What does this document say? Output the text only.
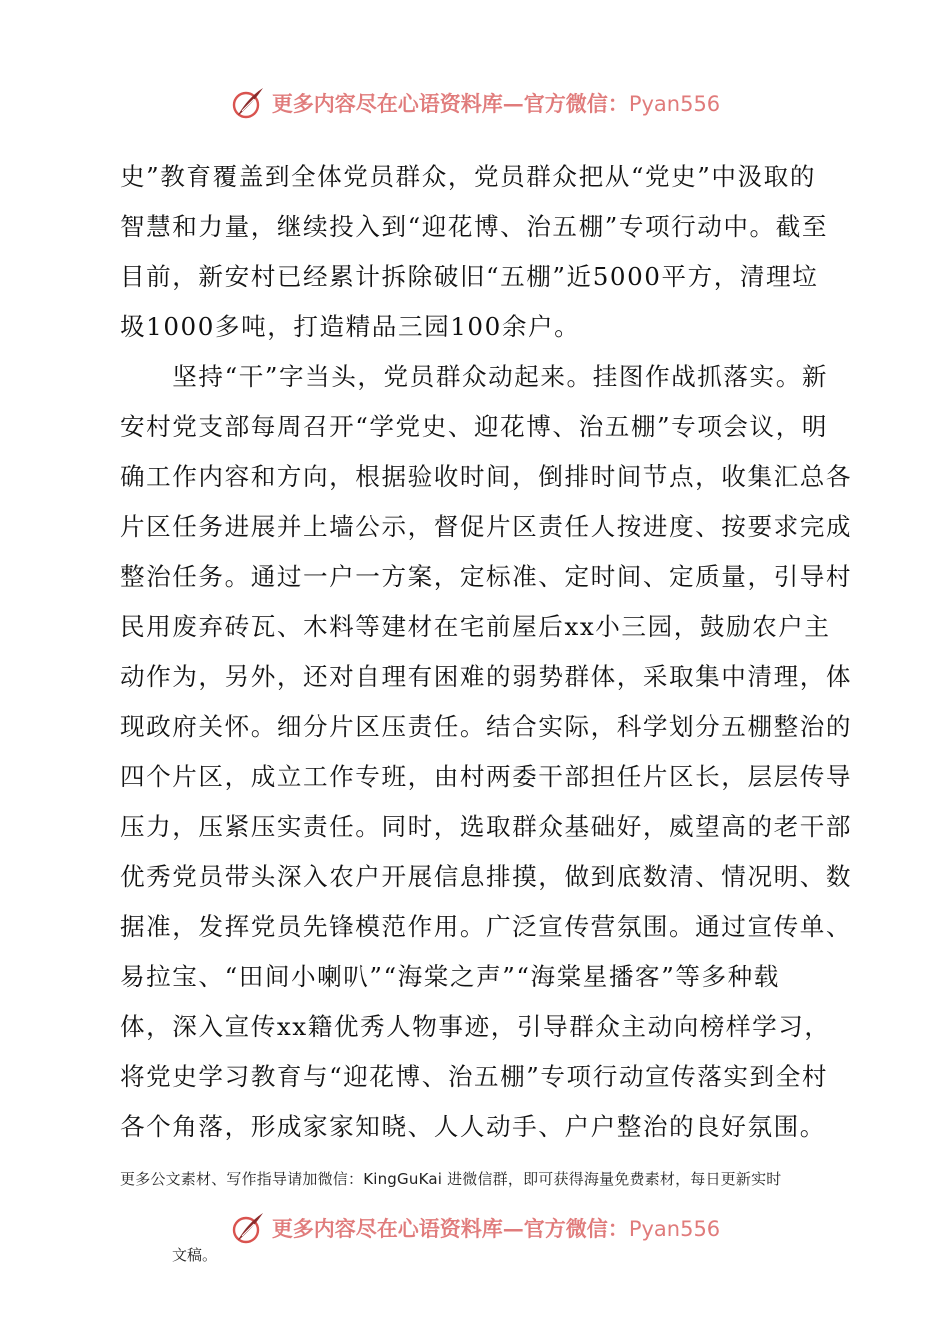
更多内容尽在心语资料库—官方微信：Pyan556

史”教育覆盖到全体党员群众，党员群众把从“党史”中汲取的
智慧和力量，继续投入到“迎花博、治五棚”专项行动中。截至
目前，新安村已经累计拆除破旧“五棚”近5000平方，清理垃
圾1000多吨，打造精品三园100余户。
　　坚持“干”字当头，党员群众动起来。挂图作战抓落实。新
安村党支部每周召开“学党史、迎花博、治五棚”专项会议，明
确工作内容和方向，根据验收时间，倒排时间节点，收集汇总各
片区任务进展并上墙公示，督促片区责任人按进度、按要求完成
整治任务。通过一户一方案，定标准、定时间、定质量，引导村
民用废弃砖瓦、木料等建材在宅前屋后xx小三园，鼓励农户主
动作为，另外，还对自理有困难的弱势群体，采取集中清理，体
现政府关怀。细分片区压责任。结合实际，科学划分五棚整治的
四个片区，成立工作专班，由村两委干部担任片区长，层层传导
压力，压紧压实责任。同时，选取群众基础好，威望高的老干部
优秀党员带头深入农户开展信息排摸，做到底数清、情况明、数
据准，发挥党员先锋模范作用。广泛宣传营氛围。通过宣传单、
易拉宝、“田间小喇叭”“海棠之声”“海棠星播客”等多种载
体，深入宣传xx籍优秀人物事迹，引导群众主动向榜样学习，
将党史学习教育与“迎花博、治五棚”专项行动宣传落实到全村
各个角落，形成家家知晓、人人动手、户户整治的良好氛围。

更多公文素材、写作指导请加微信：KingGuKai 进微信群，即可获得海量免费素材，每日更新实时
更多内容尽在心语资料库—官方微信：Pyan556
文稿。
